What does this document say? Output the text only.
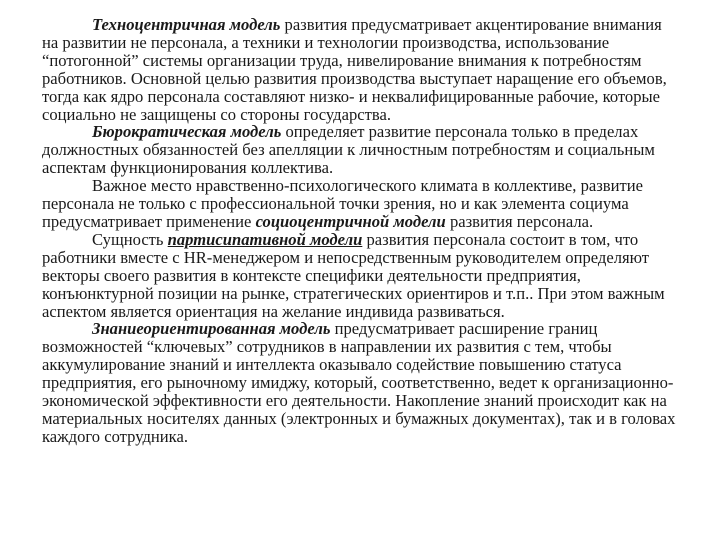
Техноцентричная модель развития предусматривает акцентирование внимания на развитии не персонала, а техники и технологии производства, использование “потогонной” системы организации труда, нивелирование внимания к потребностям работников. Основной целью развития производства выступает наращение его объемов, тогда как ядро персонала составляют низко- и неквалифицированные рабочие, которые социально не защищены со стороны государства.

Бюрократическая модель определяет развитие персонала только в пределах должностных обязанностей без апелляции к личностным потребностям и социальным аспектам функционирования коллектива.

Важное место нравственно-психологического климата в коллективе, развитие персонала не только с профессиональной точки зрения, но и как элемента социума предусматривает применение социоцентричной модели развития персонала.

Сущность партисипативной модели развития персонала состоит в том, что работники вместе с HR-менеджером и непосредственным руководителем определяют векторы своего развития в контексте специфики деятельности предприятия, конъюнктурной позиции на рынке, стратегических ориентиров и т.п.. При этом важным аспектом является ориентация на желание индивида развиваться.

Знаниеориентированная модель предусматривает расширение границ возможностей “ключевых” сотрудников в направлении их развития с тем, чтобы аккумулирование знаний и интеллекта оказывало содействие повышению статуса предприятия, его рыночному имиджу, который, соответственно, ведет к организационно-экономической эффективности его деятельности. Накопление знаний происходит как на материальных носителях данных (электронных и бумажных документах), так и в головах каждого сотрудника.
